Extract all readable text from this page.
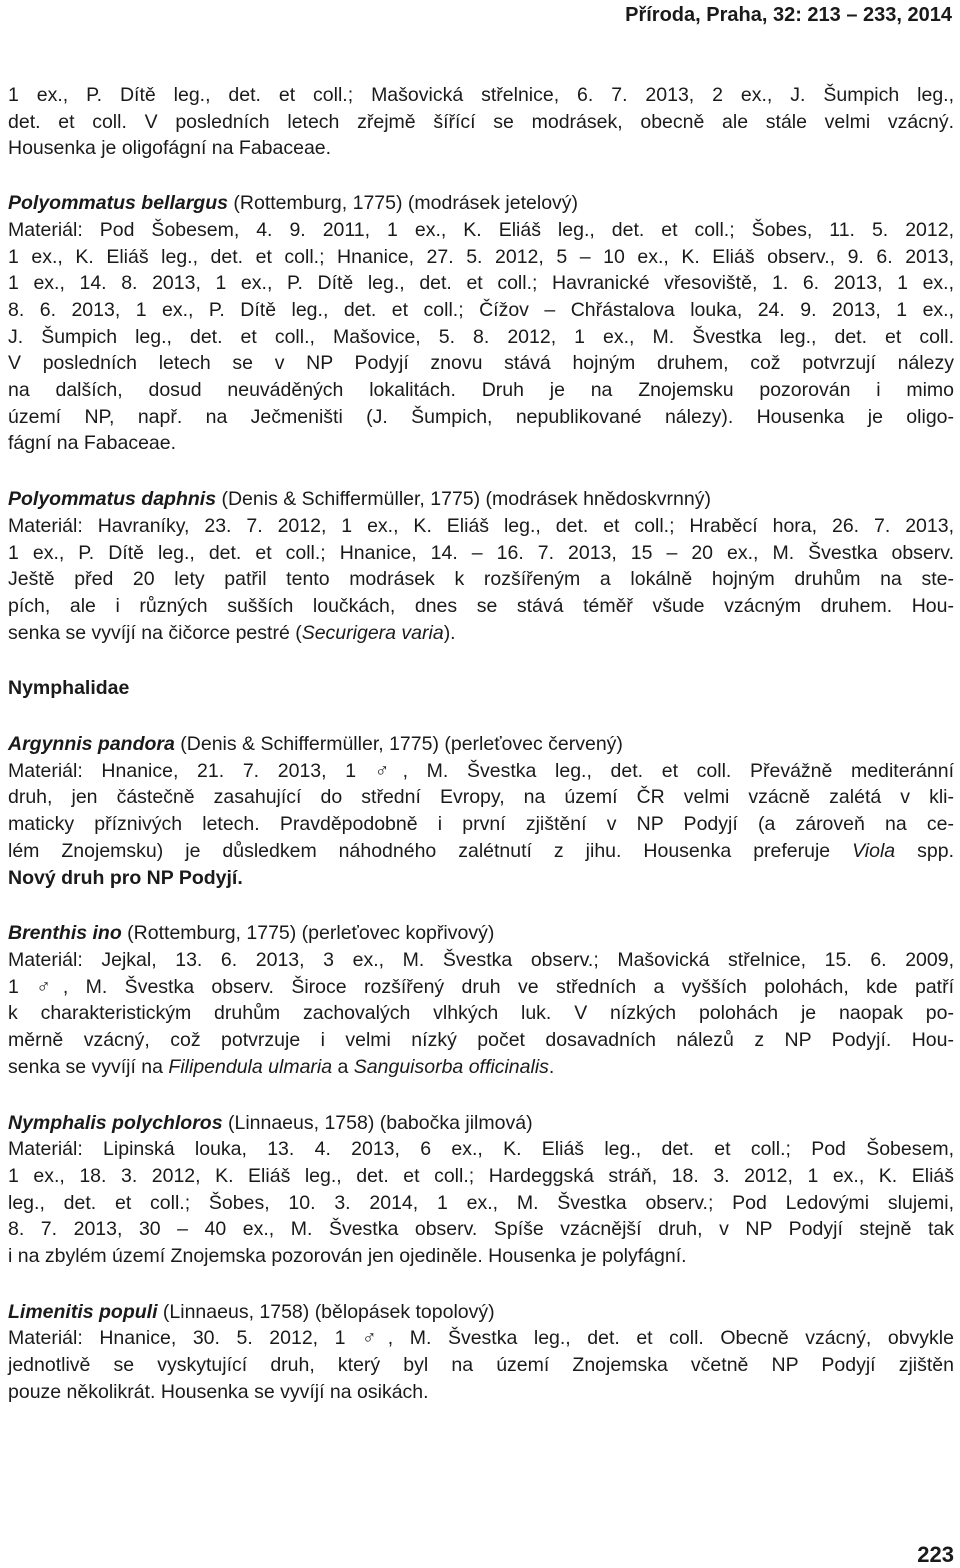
Příroda, Praha, 32: 213 – 233, 2014
1 ex., P. Dítě leg., det. et coll.; Mašovická střelnice, 6. 7. 2013, 2 ex., J. Šumpich leg.,
det. et coll. V posledních letech zřejmě šířící se modrásek, obecně ale stále velmi vzácný.
Housenka je oligofágní na Fabaceae.
Polyommatus bellargus (Rottemburg, 1775) (modrásek jetelový)
Materiál: Pod Šobesem, 4. 9. 2011, 1 ex., K. Eliáš leg., det. et coll.; Šobes, 11. 5. 2012,
1 ex., K. Eliáš leg., det. et coll.; Hnanice, 27. 5. 2012, 5 – 10 ex., K. Eliáš observ., 9. 6. 2013,
1 ex., 14. 8. 2013, 1 ex., P. Dítě leg., det. et coll.; Havranické vřesoviště, 1. 6. 2013, 1 ex.,
8. 6. 2013, 1 ex., P. Dítě leg., det. et coll.; Čížov – Chřástalova louka, 24. 9. 2013, 1 ex.,
J. Šumpich leg., det. et coll., Mašovice, 5. 8. 2012, 1 ex., M. Švestka leg., det. et coll.
V posledních letech se v NP Podyjí znovu stává hojným druhem, což potvrzují nálezy
na dalších, dosud neuváděných lokalitách. Druh je na Znojemsku pozorován i mimo
území NP, např. na Ječmeništi (J. Šumpich, nepublikované nálezy). Housenka je oligo-
fágní na Fabaceae.
Polyommatus daphnis (Denis & Schiffermüller, 1775) (modrásek hnědoskvrnný)
Materiál: Havraníky, 23. 7. 2012, 1 ex., K. Eliáš leg., det. et coll.; Hraběcí hora, 26. 7. 2013,
1 ex., P. Dítě leg., det. et coll.; Hnanice, 14. – 16. 7. 2013, 15 – 20 ex., M. Švestka observ.
Ještě před 20 lety patřil tento modrásek k rozšířeným a lokálně hojným druhům na ste-
pích, ale i různých sušších loučkách, dnes se stává téměř všude vzácným druhem. Hou-
senka se vyvíjí na čičorce pestré (Securigera varia).
Nymphalidae
Argynnis pandora (Denis & Schiffermüller, 1775) (perleťovec červený)
Materiál: Hnanice, 21. 7. 2013, 1 ♂, M. Švestka leg., det. et coll. Převážně mediteránní
druh, jen částečně zasahující do střední Evropy, na území ČR velmi vzácně zalétá v kli-
maticky příznivých letech. Pravděpodobně i první zjištění v NP Podyjí (a zároveň na ce-
lém Znojemsku) je důsledkem náhodného zalétnutí z jihu. Housenka preferuje Viola spp.
Nový druh pro NP Podyjí.
Brenthis ino (Rottemburg, 1775) (perleťovec kopřivový)
Materiál: Jejkal, 13. 6. 2013, 3 ex., M. Švestka observ.; Mašovická střelnice, 15. 6. 2009,
1 ♂, M. Švestka observ. Široce rozšířený druh ve středních a vyšších polohách, kde patří
k charakteristickým druhům zachovalých vlhkých luk. V nízkých polohách je naopak po-
měrně vzácný, což potvrzuje i velmi nízký počet dosavadních nálezů z NP Podyjí. Hou-
senka se vyvíjí na Filipendula ulmaria a Sanguisorba officinalis.
Nymphalis polychloros (Linnaeus, 1758) (babočka jilmová)
Materiál: Lipinská louka, 13. 4. 2013, 6 ex., K. Eliáš leg., det. et coll.; Pod Šobesem,
1 ex., 18. 3. 2012, K. Eliáš leg., det. et coll.; Hardeggská stráň, 18. 3. 2012, 1 ex., K. Eliáš
leg., det. et coll.; Šobes, 10. 3. 2014, 1 ex., M. Švestka observ.; Pod Ledovými slujemi,
8. 7. 2013, 30 – 40 ex., M. Švestka observ. Spíše vzácnější druh, v NP Podyjí stejně tak
i na zbylém území Znojemska pozorován jen ojediněle. Housenka je polyfágní.
Limenitis populi (Linnaeus, 1758) (bělopásek topolový)
Materiál: Hnanice, 30. 5. 2012, 1 ♂, M. Švestka leg., det. et coll. Obecně vzácný, obvykle
jednotlivě se vyskytující druh, který byl na území Znojemska včetně NP Podyjí zjištěn
pouze několikrát. Housenka se vyvíjí na osikách.
223
